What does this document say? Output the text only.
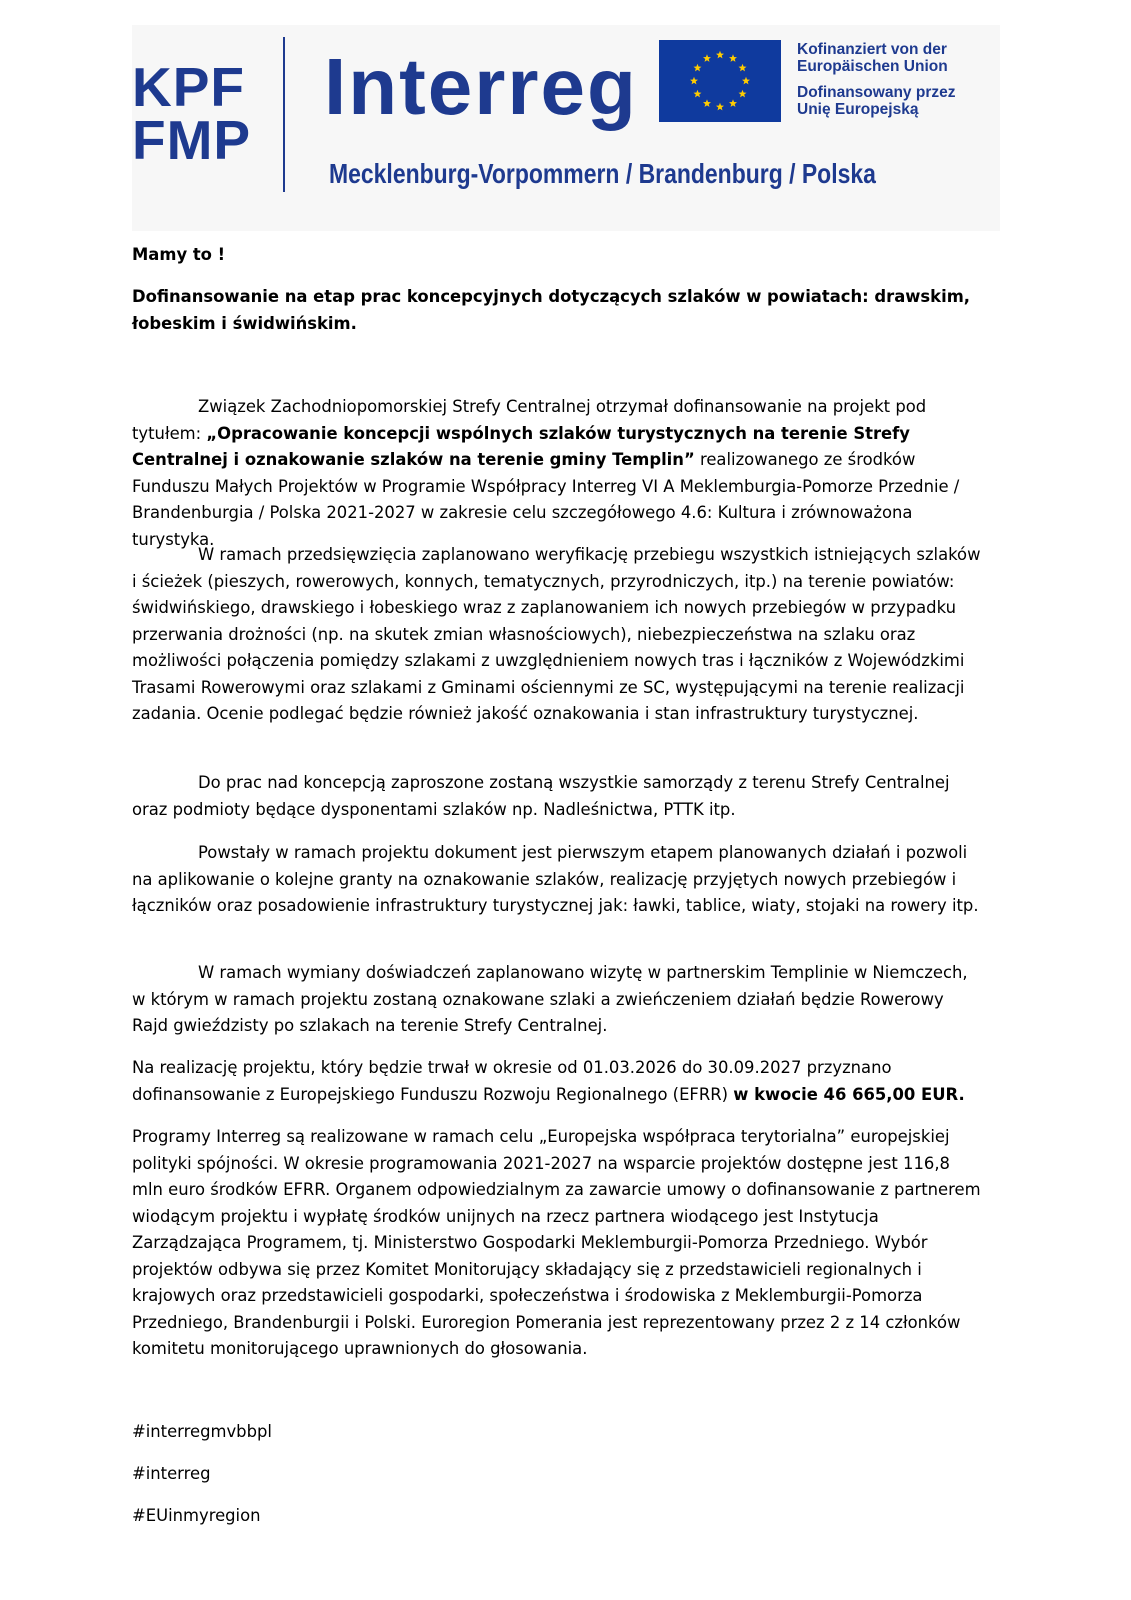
KPF
FMP
Interreg
Mecklenburg-Vorpommern / Brandenburg / Polska
Kofinanziert von der
Europäischen Union
Dofinansowany przez
Unię Europejską

Mamy to !

Dofinansowanie na etap prac koncepcyjnych dotyczących szlaków w powiatach: drawskim, łobeskim i świdwińskim.

Związek Zachodniopomorskiej Strefy Centralnej otrzymał dofinansowanie na projekt pod tytułem: „Opracowanie koncepcji wspólnych szlaków turystycznych na terenie Strefy Centralnej i oznakowanie szlaków na terenie gminy Templin” realizowanego ze środków Funduszu Małych Projektów w Programie Współpracy Interreg VI A Meklemburgia-Pomorze Przednie / Brandenburgia / Polska 2021-2027 w zakresie celu szczegółowego 4.6: Kultura i zrównoważona turystyka.

W ramach przedsięwzięcia zaplanowano weryfikację przebiegu wszystkich istniejących szlaków i ścieżek (pieszych, rowerowych, konnych, tematycznych, przyrodniczych, itp.) na terenie powiatów: świdwińskiego, drawskiego i łobeskiego wraz z zaplanowaniem ich nowych przebiegów w przypadku przerwania drożności (np. na skutek zmian własnościowych), niebezpieczeństwa na szlaku oraz możliwości połączenia pomiędzy szlakami z uwzględnieniem nowych tras i łączników z Wojewódzkimi Trasami Rowerowymi oraz szlakami z Gminami ościennymi ze SC, występującymi na terenie realizacji zadania. Ocenie podlegać będzie również jakość oznakowania i stan infrastruktury turystycznej.

Do prac nad koncepcją zaproszone zostaną wszystkie samorządy z terenu Strefy Centralnej oraz podmioty będące dysponentami szlaków np. Nadleśnictwa, PTTK itp.

Powstały w ramach projektu dokument jest pierwszym etapem planowanych działań i pozwoli na aplikowanie o kolejne granty na oznakowanie szlaków, realizację przyjętych nowych przebiegów i łączników oraz posadowienie infrastruktury turystycznej jak: ławki, tablice, wiaty, stojaki na rowery itp.

W ramach wymiany doświadczeń zaplanowano wizytę w partnerskim Templinie w Niemczech, w którym w ramach projektu zostaną oznakowane szlaki a zwieńczeniem działań będzie Rowerowy Rajd gwieździsty po szlakach na terenie Strefy Centralnej.

Na realizację projektu, który będzie trwał w okresie od 01.03.2026 do 30.09.2027 przyznano dofinansowanie z Europejskiego Funduszu Rozwoju Regionalnego (EFRR) w kwocie 46 665,00 EUR.

Programy Interreg są realizowane w ramach celu „Europejska współpraca terytorialna” europejskiej polityki spójności. W okresie programowania 2021-2027 na wsparcie projektów dostępne jest 116,8 mln euro środków EFRR. Organem odpowiedzialnym za zawarcie umowy o dofinansowanie z partnerem wiodącym projektu i wypłatę środków unijnych na rzecz partnera wiodącego jest Instytucja Zarządzająca Programem, tj. Ministerstwo Gospodarki Meklemburgii-Pomorza Przedniego. Wybór projektów odbywa się przez Komitet Monitorujący składający się z przedstawicieli regionalnych i krajowych oraz przedstawicieli gospodarki, społeczeństwa i środowiska z Meklemburgii-Pomorza Przedniego, Brandenburgii i Polski. Euroregion Pomerania jest reprezentowany przez 2 z 14 członków komitetu monitorującego uprawnionych do głosowania.

#interregmvbbpl

#interreg

#EUinmyregion
